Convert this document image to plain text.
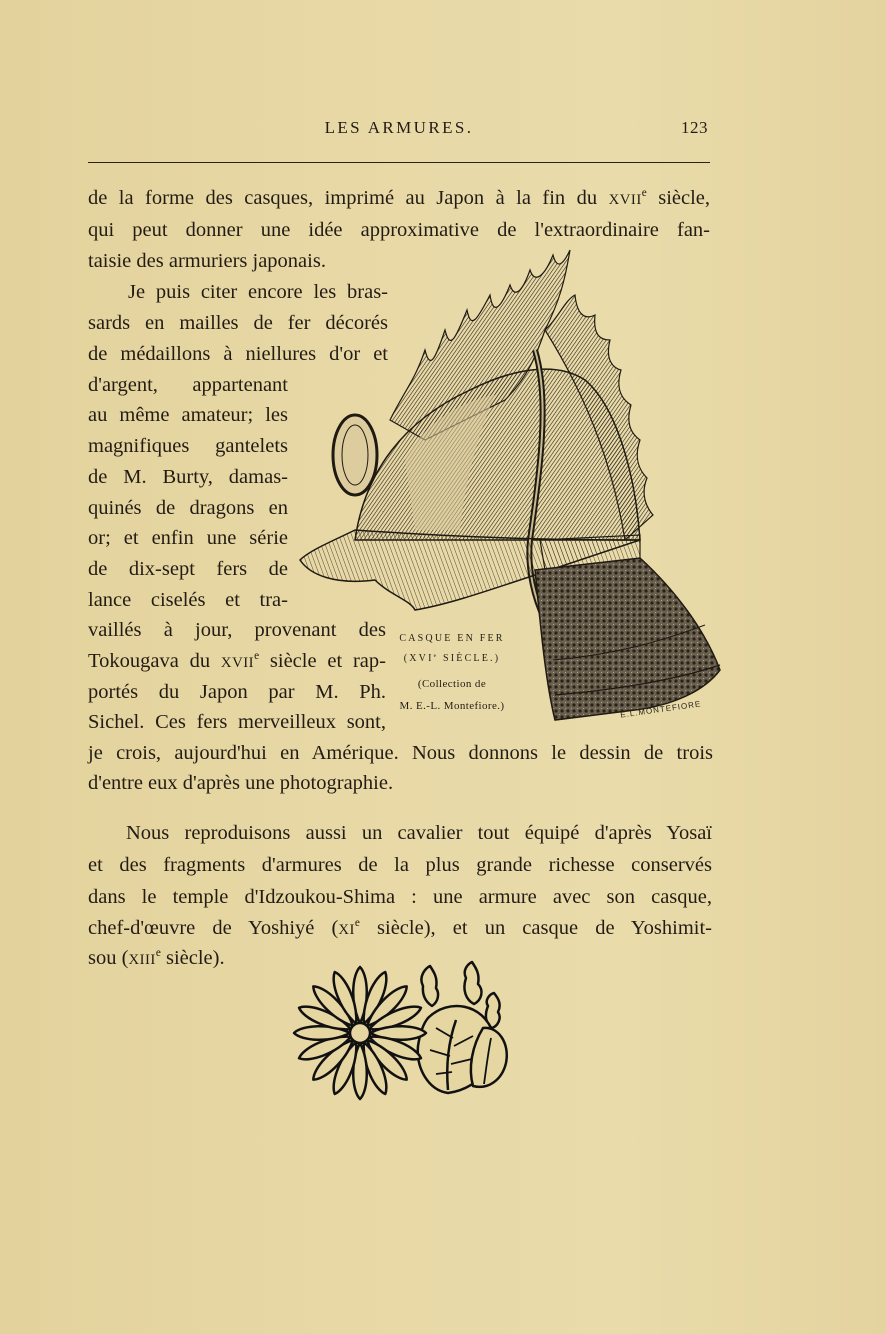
LES ARMURES.	123
de la forme des casques, imprimé au Japon à la fin du XVIIe siècle,
qui peut donner une idée approximative de l'extraordinaire fan-
taisie des armuriers japonais.
Je puis citer encore les bras-
sards en mailles de fer décorés
de médaillons à niellures d'or et
d'argent, appartenant
au même amateur; les
magnifiques gantelets
de M. Burty, damas-
quinés de dragons en
or; et enfin une série
de dix-sept fers de
lance ciselés et tra-
vaillés à jour, provenant des
Tokougava du XVIIe siècle et rap-
portés du Japon par M. Ph.
Sichel. Ces fers merveilleux sont,
je crois, aujourd'hui en Amérique. Nous donnons le dessin de trois
d'entre eux d'après une photographie.
E.L.MONTEFIORE
CASQUE EN FER
(XVIe SIÈCLE.)
(Collection de
M. E.-L. Montefiore.)
Nous reproduisons aussi un cavalier tout équipé d'après Yosaï
et des fragments d'armures de la plus grande richesse conservés
dans le temple d'Idzoukou-Shima : une armure avec son casque,
chef-d'œuvre de Yoshiyé (XIe siècle), et un casque de Yoshimit-
sou (XIIIe siècle).
